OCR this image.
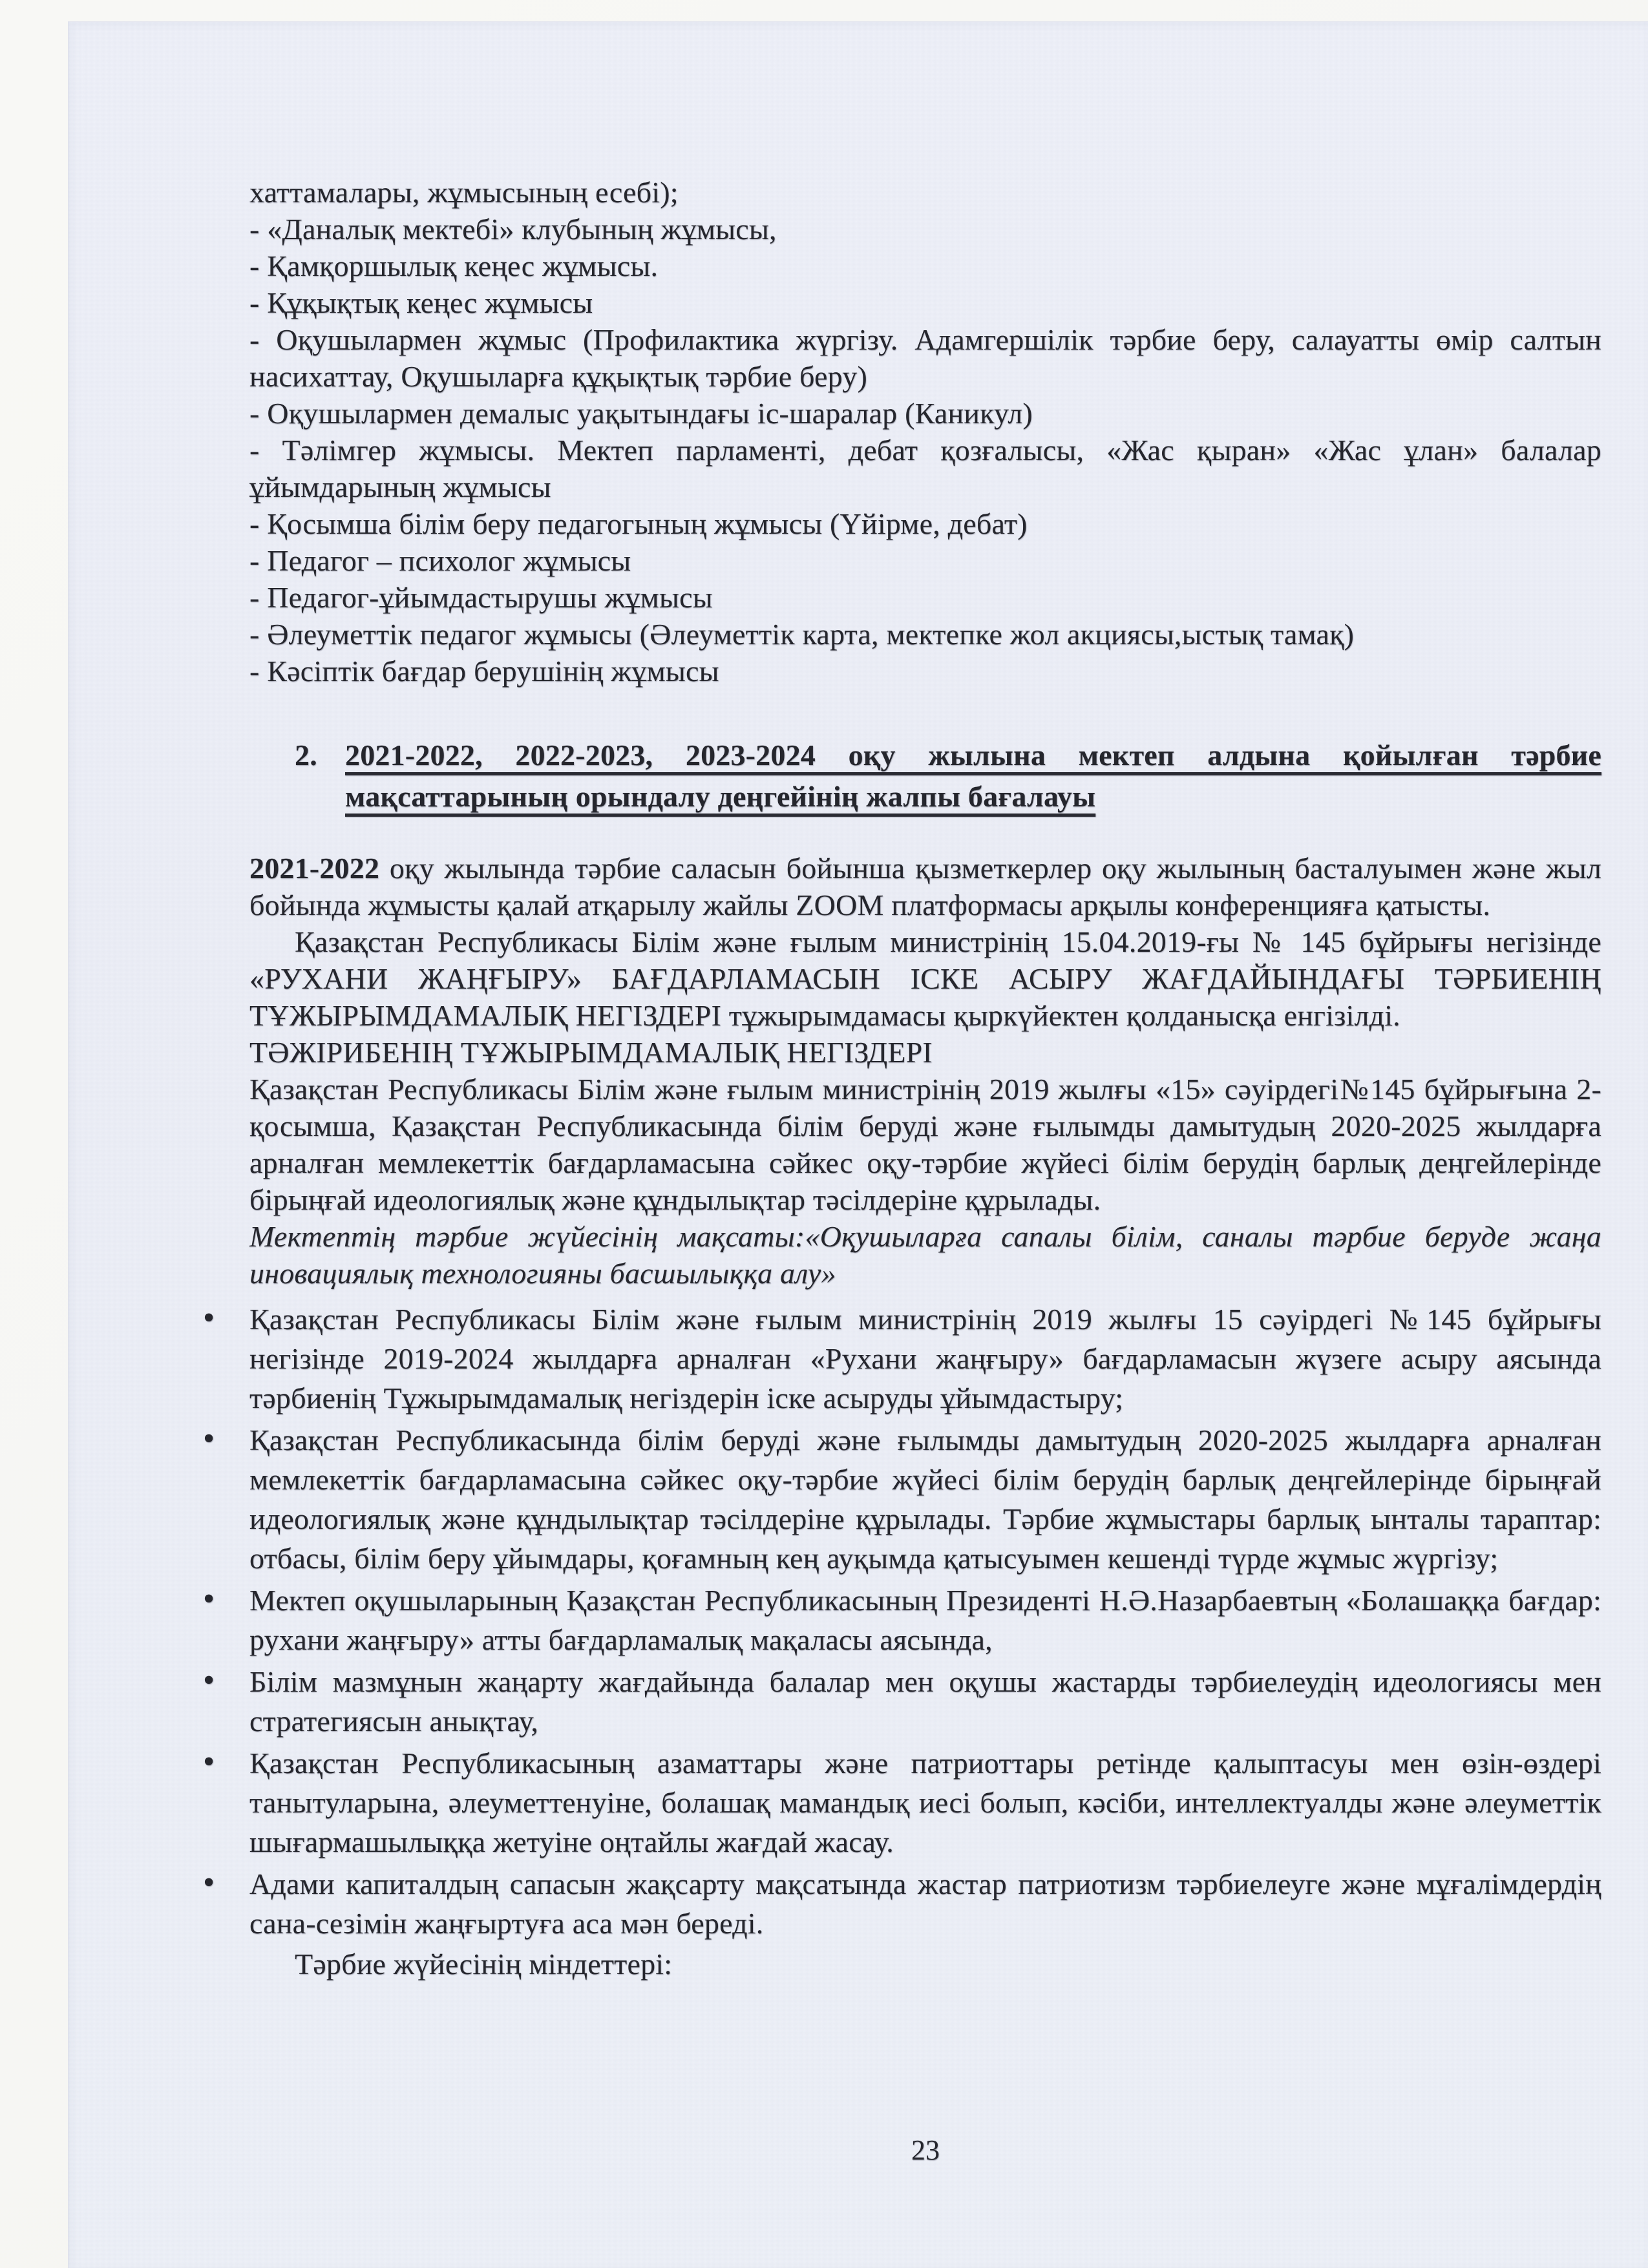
хаттамалары, жұмысының есебі);
- «Даналық мектебі» клубының жұмысы,
- Қамқоршылық кеңес жұмысы.
- Құқықтық кеңес жұмысы
- Оқушылармен жұмыс (Профилактика жүргізу. Адамгершілік тәрбие беру, салауатты өмір салтын насихаттау, Оқушыларға құқықтық тәрбие беру)
- Оқушылармен демалыс уақытындағы іс-шаралар (Каникул)
- Тәлімгер жұмысы. Мектеп парламенті, дебат қозғалысы, «Жас қыран» «Жас ұлан» балалар ұйымдарының жұмысы
- Қосымша білім беру педагогының жұмысы (Үйірме, дебат)
- Педагог – психолог жұмысы
- Педагог-ұйымдастырушы жұмысы
- Әлеуметтік педагог жұмысы (Әлеуметтік карта, мектепке жол акциясы,ыстық тамақ)
- Кәсіптік бағдар берушінің жұмысы
2. 2021-2022, 2022-2023, 2023-2024 оқу жылына мектеп алдына қойылған тәрбие мақсаттарының орындалу деңгейінің жалпы бағалауы
2021-2022 оқу жылында тәрбие саласын бойынша қызметкерлер оқу жылының басталуымен және жыл бойында жұмысты қалай атқарылу жайлы ZOOM платформасы арқылы конференцияға қатысты.
Қазақстан Республикасы Білім және ғылым министрінің 15.04.2019-ғы № 145 бұйрығы негізінде «РУХАНИ ЖАҢҒЫРУ» БАҒДАРЛАМАСЫН ІСКЕ АСЫРУ ЖАҒДАЙЫНДАҒЫ ТӘРБИЕНІҢ ТҰЖЫРЫМДАМАЛЫҚ НЕГІЗДЕРІ тұжырымдамасы қыркүйектен қолданысқа енгізілді.
ТӘЖІРИБЕНІҢ ТҰЖЫРЫМДАМАЛЫҚ НЕГІЗДЕРІ
Қазақстан Республикасы Білім және ғылым министрінің 2019 жылғы «15» сәуірдегі№145 бұйрығына 2-қосымша, Қазақстан Республикасында білім беруді және ғылымды дамытудың 2020-2025 жылдарға арналған мемлекеттік бағдарламасына сәйкес оқу-тәрбие жүйесі білім берудің барлық деңгейлерінде бірыңғай идеологиялық және құндылықтар тәсілдеріне құрылады.
Мектептің тәрбие жүйесінің мақсаты:«Оқушыларға сапалы білім, саналы тәрбие беруде жаңа иновациялық технологияны басшылыққа алу»
• Қазақстан Республикасы Білім және ғылым министрінің 2019 жылғы 15 сәуірдегі №145 бұйрығы негізінде 2019-2024 жылдарға арналған «Рухани жаңғыру» бағдарламасын жүзеге асыру аясында тәрбиенің Тұжырымдамалық негіздерін іске асыруды ұйымдастыру;
• Қазақстан Республикасында білім беруді және ғылымды дамытудың 2020-2025 жылдарға арналған мемлекеттік бағдарламасына сәйкес оқу-тәрбие жүйесі білім берудің барлық деңгейлерінде бірыңғай идеологиялық және құндылықтар тәсілдеріне құрылады. Тәрбие жұмыстары барлық ынталы тараптар: отбасы, білім беру ұйымдары, қоғамның кең ауқымда қатысуымен кешенді түрде жұмыс жүргізу;
• Мектеп оқушыларының Қазақстан Республикасының Президенті Н.Ә.Назарбаевтың «Болашаққа бағдар: рухани жаңғыру» атты бағдарламалық мақаласы аясында,
• Білім мазмұнын жаңарту жағдайында балалар мен оқушы жастарды тәрбиелеудің идеологиясы мен стратегиясын анықтау,
• Қазақстан Республикасының азаматтары және патриоттары ретінде қалыптасуы мен өзін-өздері танытуларына, әлеуметтенуіне, болашақ мамандық иесі болып, кәсіби, интеллектуалды және әлеуметтік шығармашылыққа жетуіне оңтайлы жағдай жасау.
• Адами капиталдың сапасын жақсарту мақсатында жастар патриотизм тәрбиелеуге және мұғалімдердің сана-сезімін жаңғыртуға аса мән береді.
Тәрбие жүйесінің міндеттері:
23
